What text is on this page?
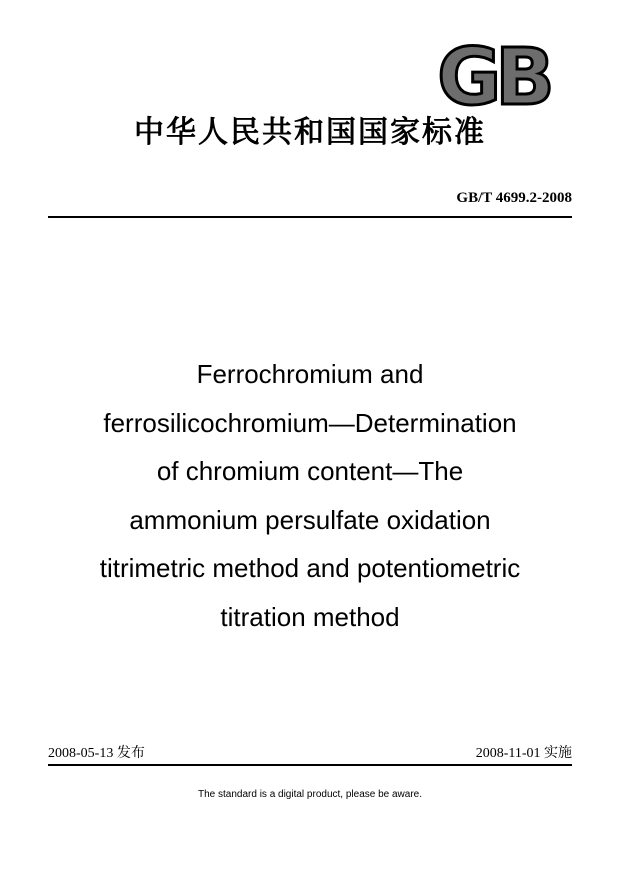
GB
中华人民共和国国家标准
GB/T 4699.2-2008
Ferrochromium and
ferrosilicochromium—Determination
of chromium content—The
ammonium persulfate oxidation
titrimetric method and potentiometric
titration method
2008-05-13 发布	2008-11-01 实施
The standard is a digital product, please be aware.
